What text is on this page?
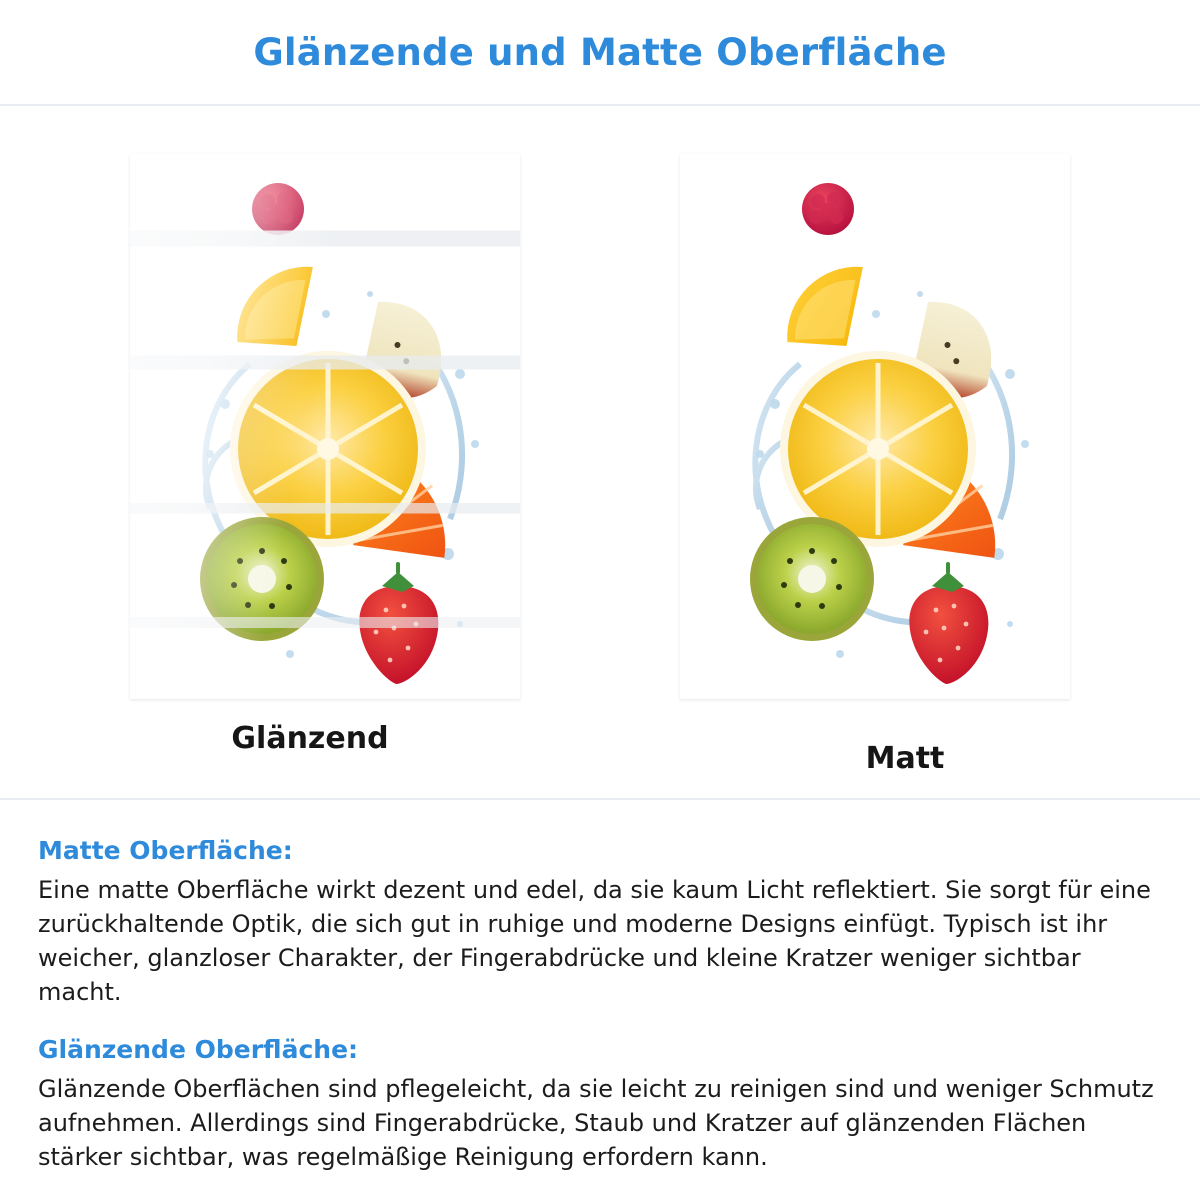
Glänzende und Matte Oberfläche
Glänzend
Matt
Matte Oberfläche:

Eine matte Oberfläche wirkt dezent und edel, da sie kaum Licht reflektiert. Sie sorgt für eine zurückhaltende Optik, die sich gut in ruhige und moderne Designs einfügt. Typisch ist ihr weicher, glanzloser Charakter, der Fingerabdrücke und kleine Kratzer weniger sichtbar macht.

Glänzende Oberfläche:

Glänzende Oberflächen sind pflegeleicht, da sie leicht zu reinigen sind und weniger Schmutz aufnehmen. Allerdings sind Fingerabdrücke, Staub und Kratzer auf glänzenden Flächen stärker sichtbar, was regelmäßige Reinigung erfordern kann.
